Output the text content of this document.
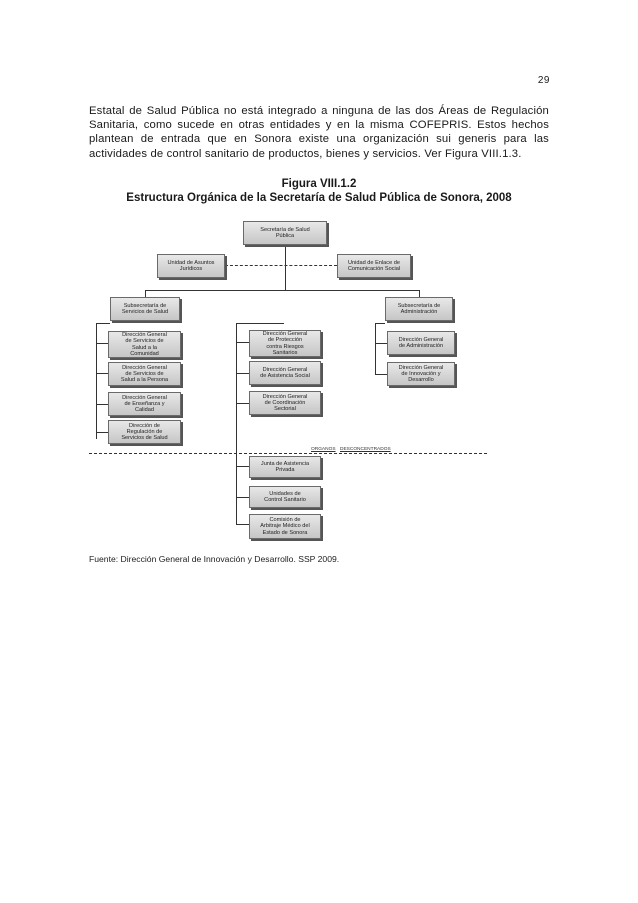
29
Estatal de Salud Pública no está integrado a ninguna de las dos Áreas de Regulación
Sanitaria, como sucede en otras entidades y en la misma COFEPRIS. Estos hechos
plantean de entrada que en Sonora existe una organización sui generis para las
actividades de control sanitario de productos, bienes y servicios. Ver Figura VIII.1.3.
Figura VIII.1.2
Estructura Orgánica de la Secretaría de Salud Pública de Sonora, 2008
ORGANOS DESCONCENTRADOS
Secretaría de Salud
Pública
Unidad de Asuntos
Jurídicos
Unidad de Enlace de
Comunicación Social
Subsecretaría de
Servicios de Salud
Subsecretaría de
Administración
Dirección General
de Servicios de
Salud a la
Comunidad
Dirección General
de Servicios de
Salud a la Persona
Dirección General
de Enseñanza y
Calidad
Dirección de
Regulación de
Servicios de Salud
Dirección General
de Protección
contra Riesgos
Sanitarios
Dirección General
de Asistencia Social
Dirección General
de Coordinación
Sectorial
Dirección General
de Administración
Dirección General
de Innovación y
Desarrollo
Junta de Asistencia
Privada
Unidades de
Control Sanitario
Comisión de
Arbitraje Médico del
Estado de Sonora
Fuente: Dirección General de Innovación y Desarrollo. SSP 2009.
